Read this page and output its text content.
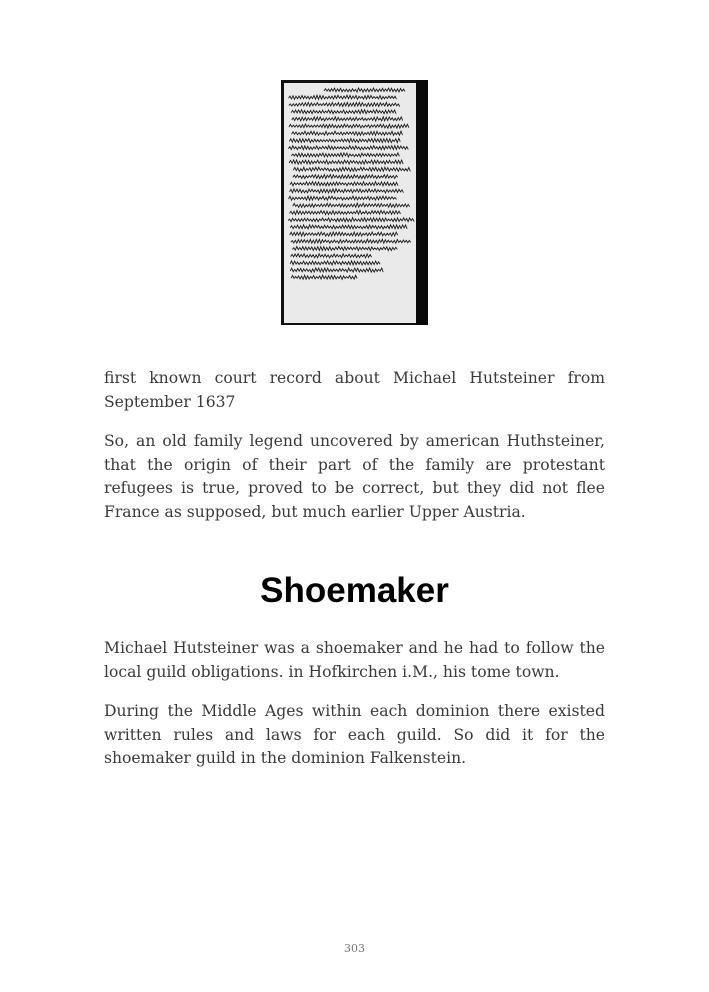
first known court record about Michael Hutsteiner from September 1637

So, an old family legend uncovered by american Huthsteiner, that the origin of their part of the family are protestant refugees is true, proved to be correct, but they did not flee France as supposed, but much earlier Upper Austria.

Shoemaker

Michael Hutsteiner was a shoemaker and he had to follow the local guild obligations. in Hofkirchen i.M., his tome town.

During the Middle Ages within each dominion there existed written rules and laws for each guild. So did it for the shoemaker guild in the dominion Falkenstein.

303
